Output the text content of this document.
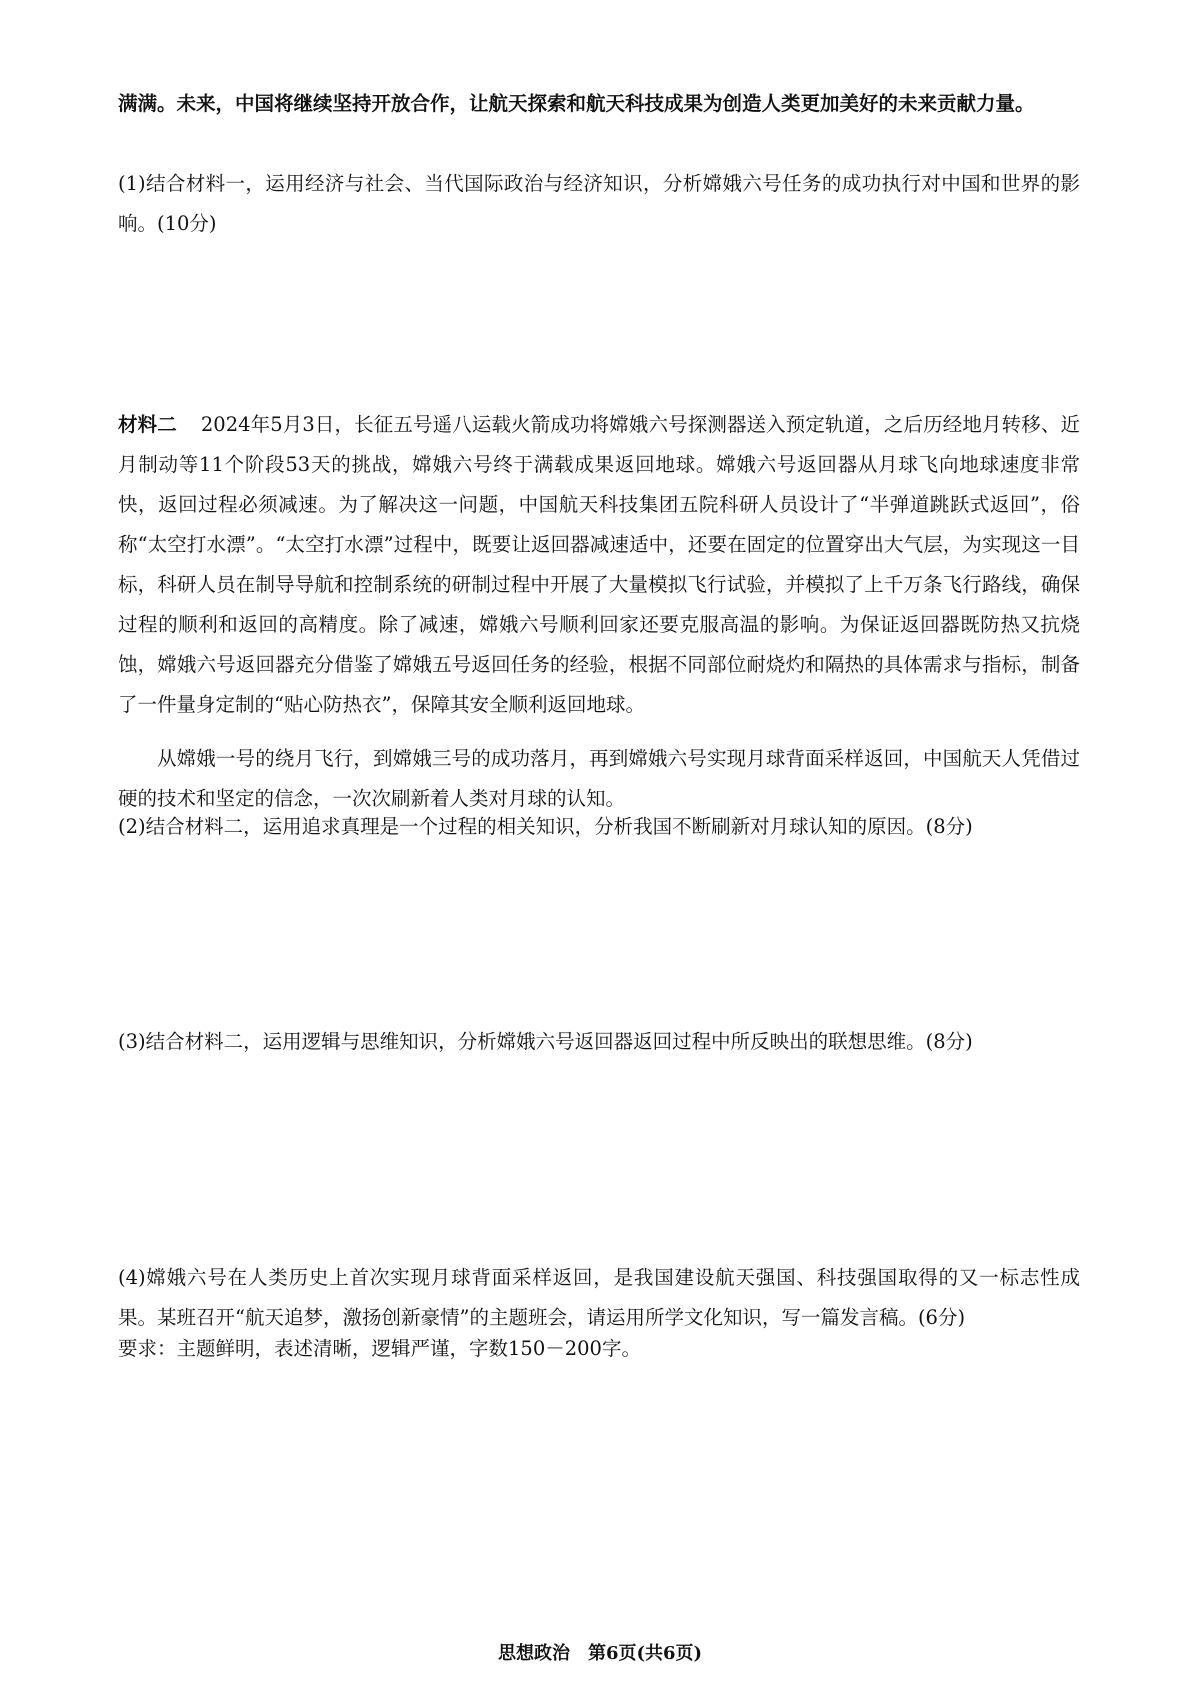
满满。未来，中国将继续坚持开放合作，让航天探索和航天科技成果为创造人类更加美好的未来贡献力量。

(1)结合材料一，运用经济与社会、当代国际政治与经济知识，分析嫦娥六号任务的成功执行对中国和世界的影响。(10分)

材料二 2024年5月3日，长征五号遥八运载火箭成功将嫦娥六号探测器送入预定轨道，之后历经地月转移、近月制动等11个阶段53天的挑战，嫦娥六号终于满载成果返回地球。嫦娥六号返回器从月球飞向地球速度非常快，返回过程必须减速。为了解决这一问题，中国航天科技集团五院科研人员设计了“半弹道跳跃式返回”，俗称“太空打水漂”。“太空打水漂”过程中，既要让返回器减速适中，还要在固定的位置穿出大气层，为实现这一目标，科研人员在制导导航和控制系统的研制过程中开展了大量模拟飞行试验，并模拟了上千万条飞行路线，确保过程的顺利和返回的高精度。除了减速，嫦娥六号顺利回家还要克服高温的影响。为保证返回器既防热又抗烧蚀，嫦娥六号返回器充分借鉴了嫦娥五号返回任务的经验，根据不同部位耐烧灼和隔热的具体需求与指标，制备了一件量身定制的“贴心防热衣”，保障其安全顺利返回地球。

从嫦娥一号的绕月飞行，到嫦娥三号的成功落月，再到嫦娥六号实现月球背面采样返回，中国航天人凭借过硬的技术和坚定的信念，一次次刷新着人类对月球的认知。

(2)结合材料二，运用追求真理是一个过程的相关知识，分析我国不断刷新对月球认知的原因。(8分)

(3)结合材料二，运用逻辑与思维知识，分析嫦娥六号返回器返回过程中所反映出的联想思维。(8分)

(4)嫦娥六号在人类历史上首次实现月球背面采样返回，是我国建设航天强国、科技强国取得的又一标志性成果。某班召开“航天追梦，激扬创新豪情”的主题班会，请运用所学文化知识，写一篇发言稿。(6分)

要求：主题鲜明，表述清晰，逻辑严谨，字数150－200字。

思想政治　第6页(共6页)
